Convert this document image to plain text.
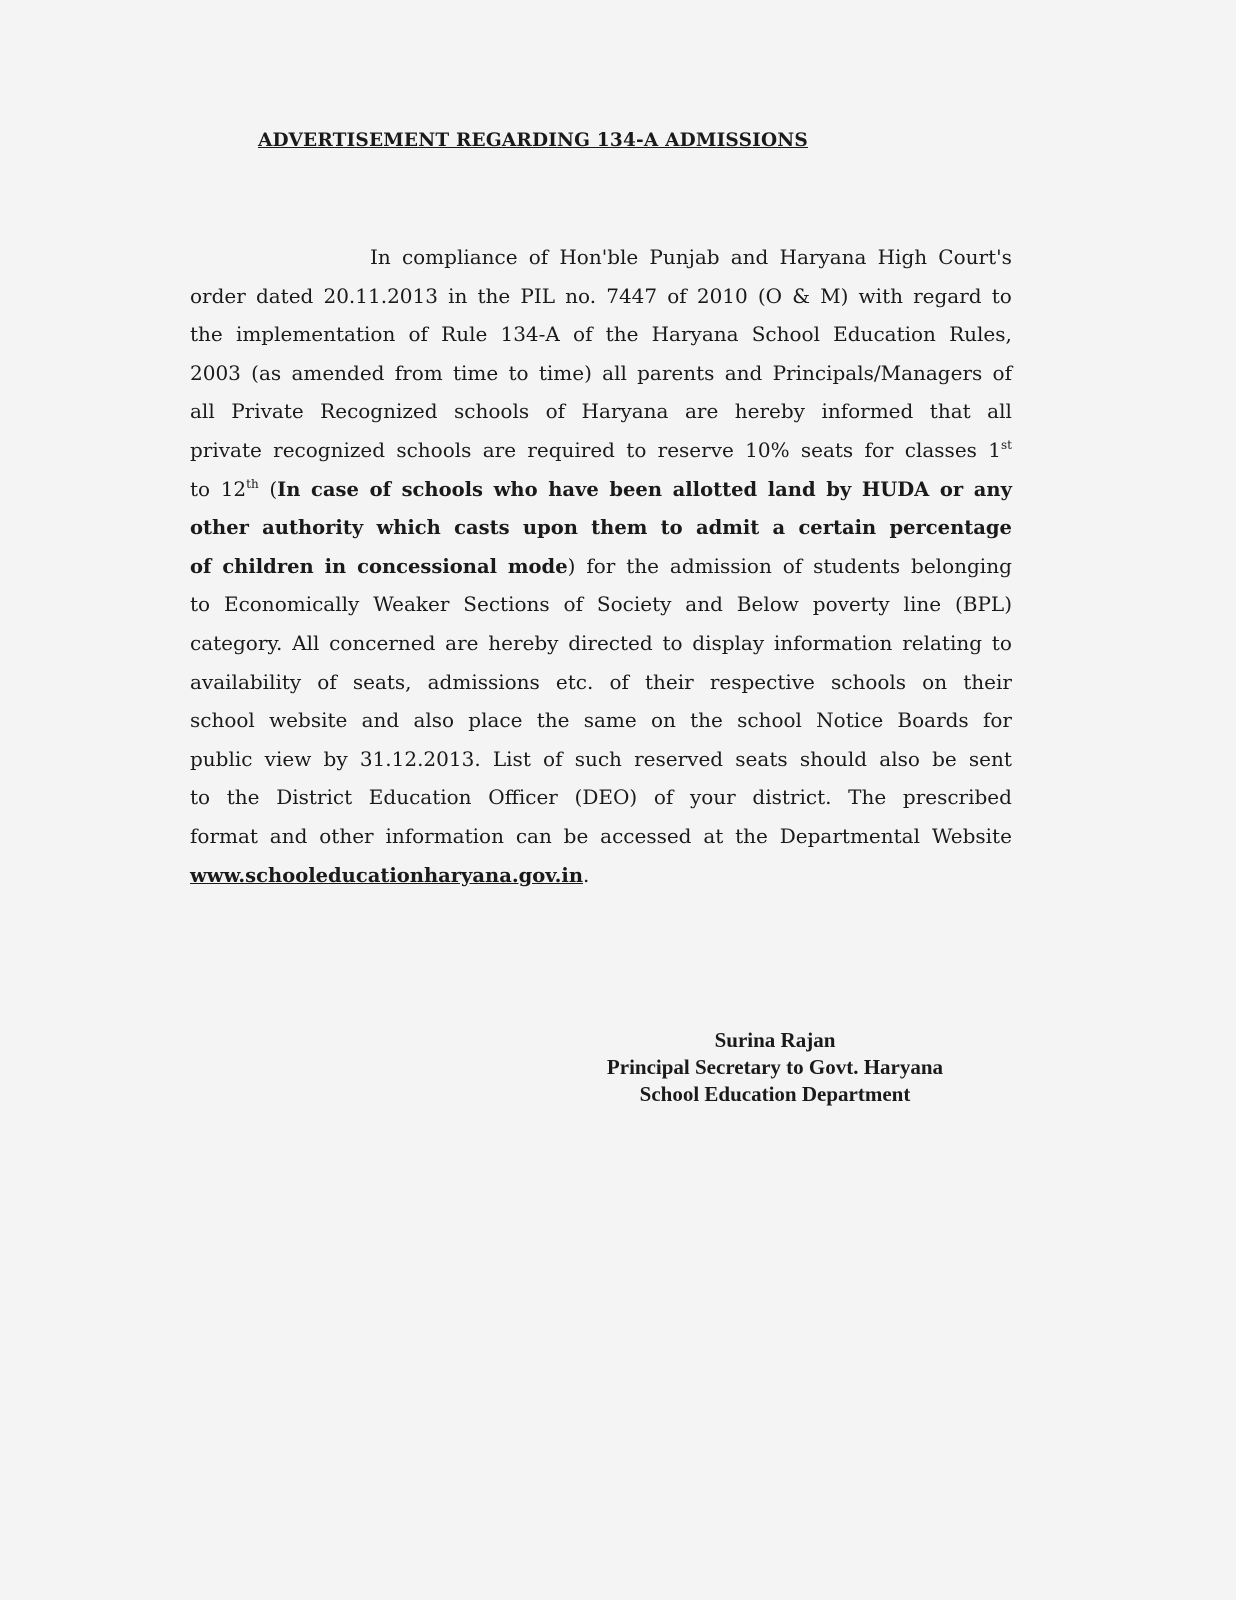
ADVERTISEMENT REGARDING 134-A ADMISSIONS
In compliance of Hon'ble Punjab and Haryana High Court's
order dated 20.11.2013 in the PIL no. 7447 of 2010 (O & M) with regard to
the implementation of Rule 134-A of the Haryana School Education Rules,
2003 (as amended from time to time) all parents and Principals/Managers of
all Private Recognized schools of Haryana are hereby informed that all
private recognized schools are required to reserve 10% seats for classes 1st
to 12th (In case of schools who have been allotted land by HUDA or any
other authority which casts upon them to admit a certain percentage
of children in concessional mode) for the admission of students belonging
to Economically Weaker Sections of Society and Below poverty line (BPL)
category. All concerned are hereby directed to display information relating to
availability of seats, admissions etc. of their respective schools on their
school website and also place the same on the school Notice Boards for
public view by 31.12.2013. List of such reserved seats should also be sent
to the District Education Officer (DEO) of your district. The prescribed
format and other information can be accessed at the Departmental Website
www.schooleducationharyana.gov.in.
Surina Rajan
Principal Secretary to Govt. Haryana
School Education Department
